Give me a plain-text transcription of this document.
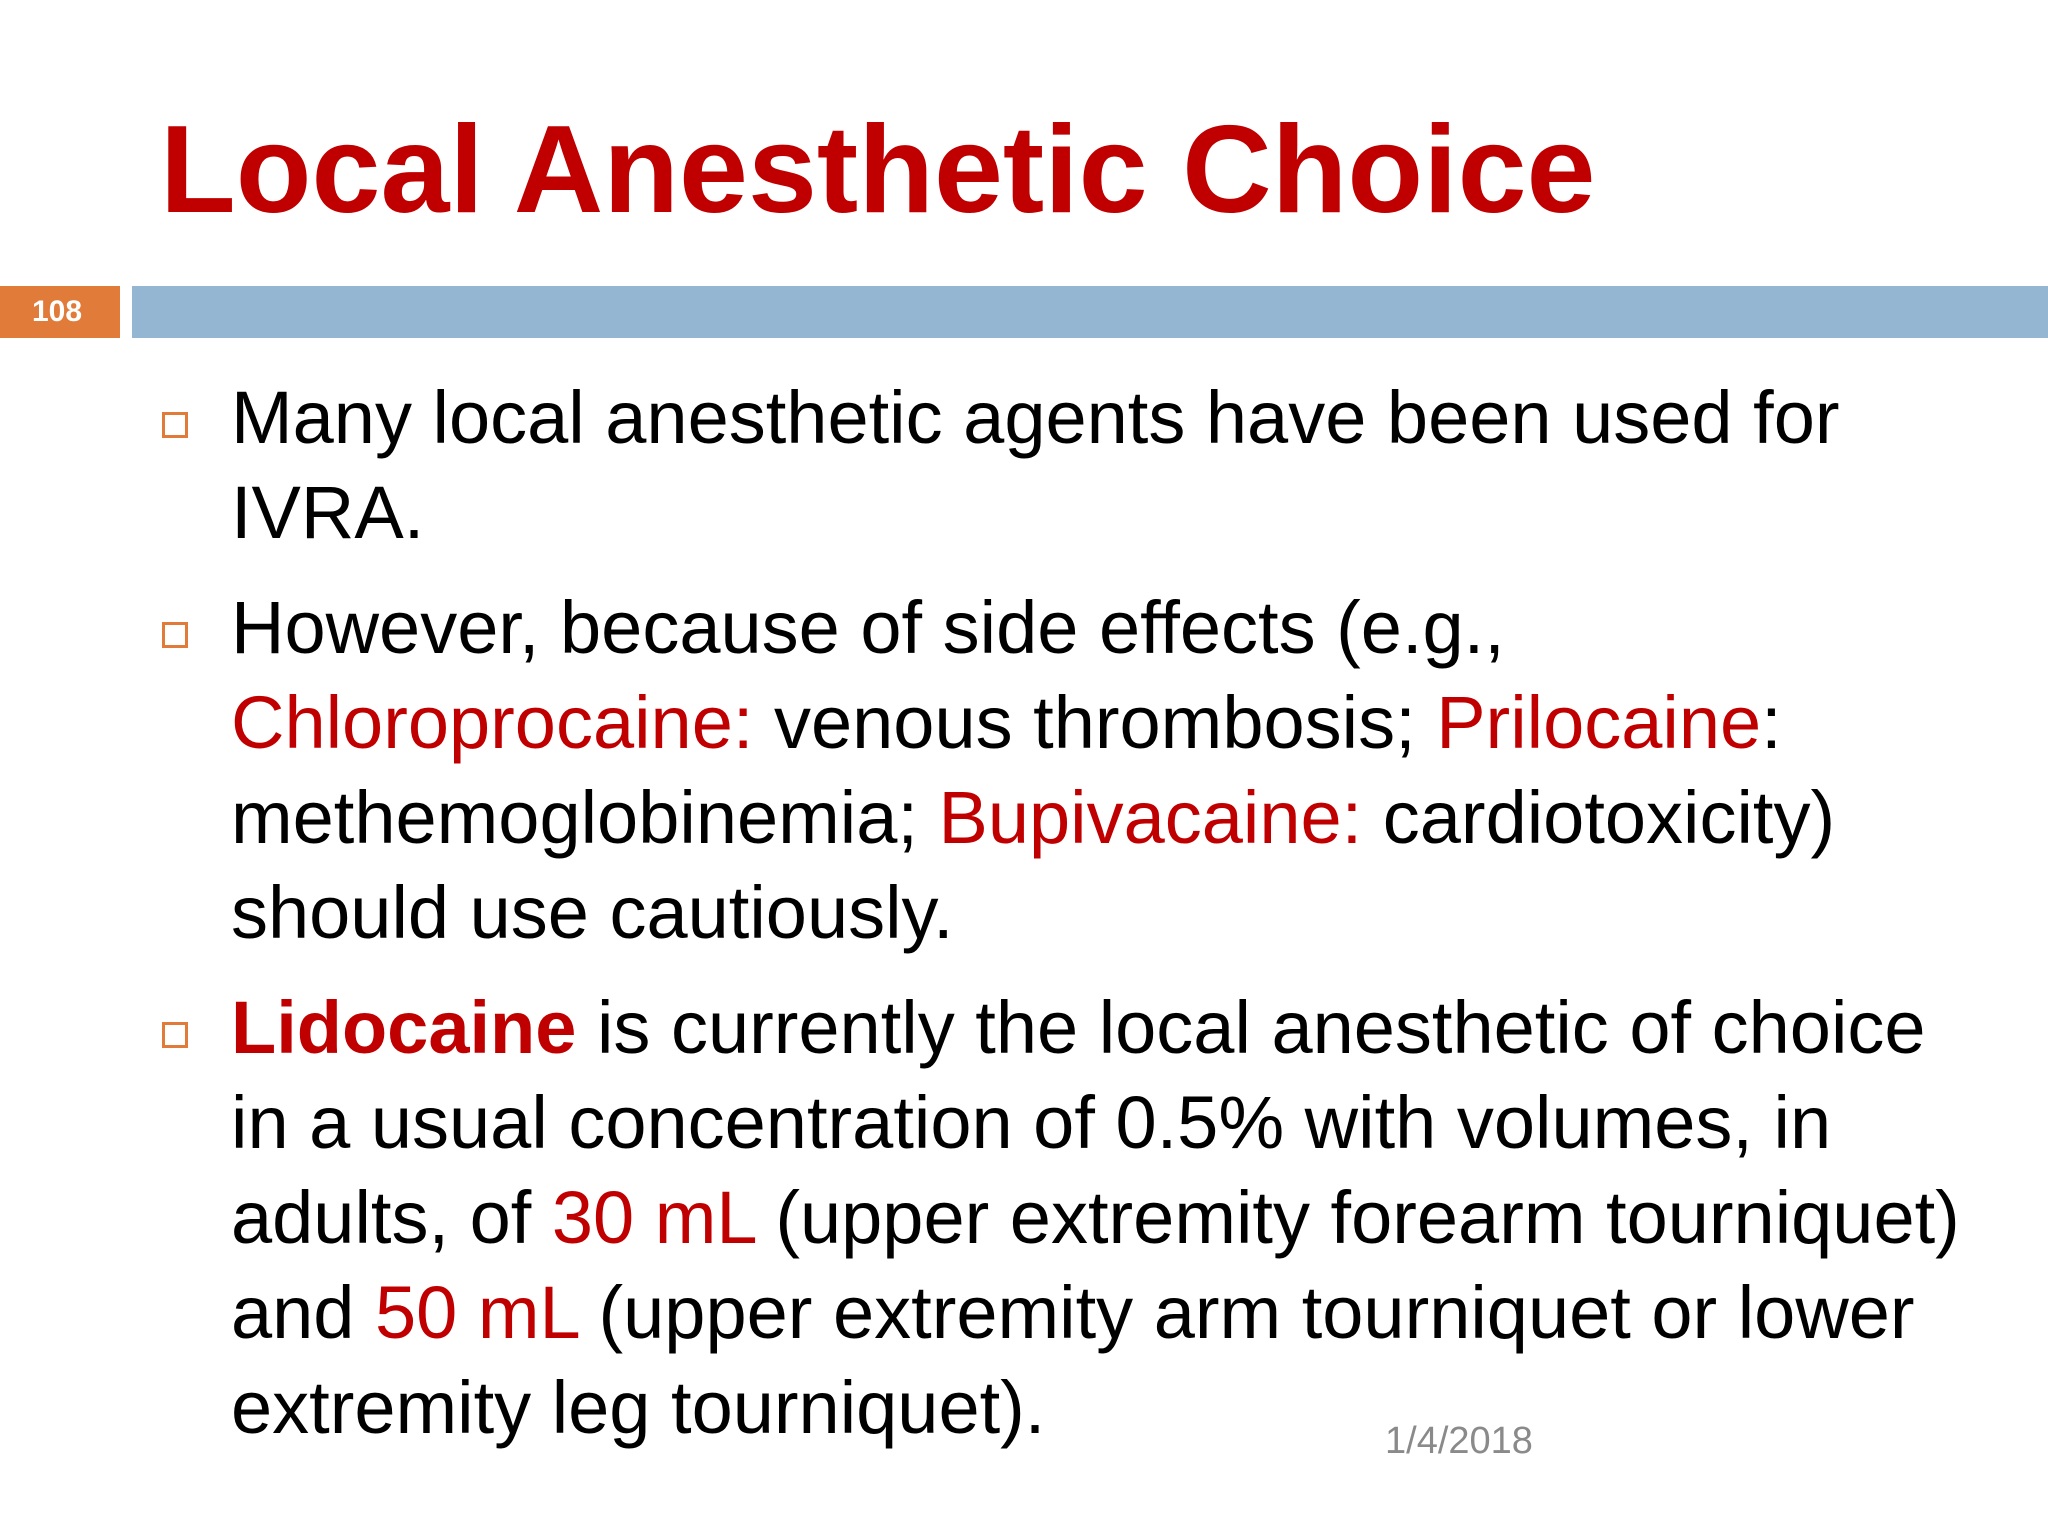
Local Anesthetic Choice
108
Many local anesthetic agents have been used for IVRA.
However, because of side effects (e.g., Chloroprocaine: venous thrombosis; Prilocaine: methemoglobinemia; Bupivacaine: cardiotoxicity) should use cautiously.
Lidocaine is currently the local anesthetic of choice in a usual concentration of 0.5% with volumes, in adults, of 30 mL (upper extremity forearm tourniquet) and 50 mL (upper extremity arm tourniquet or lower extremity leg tourniquet).	1/4/2018
